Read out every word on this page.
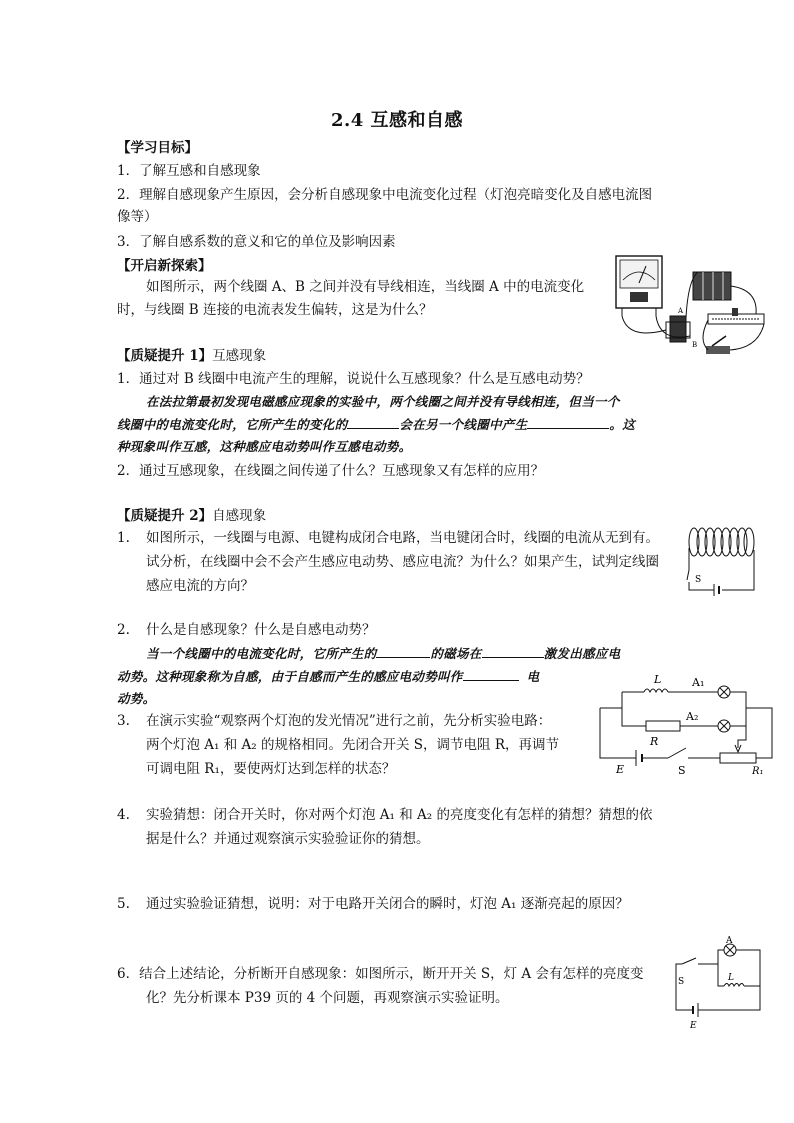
2.4 互感和自感
【学习目标】
1．了解互感和自感现象
2．理解自感现象产生原因，会分析自感现象中电流变化过程（灯泡亮暗变化及自感电流图
像等）
3．了解自感系数的意义和它的单位及影响因素
【开启新探索】
如图所示，两个线圈 A、B 之间并没有导线相连，当线圈 A 中的电流变化
时，与线圈 B 连接的电流表发生偏转，这是为什么？	A
B
【质疑提升 1】互感现象
1．通过对 B 线圈中电流产生的理解，说说什么互感现象？什么是互感电动势？
在法拉第最初发现电磁感应现象的实验中，两个线圈之间并没有导线相连，但当一个
线圈中的电流变化时，它所产生的变化的	会在另一个线圈中产生	。这
种现象叫作互感，这种感应电动势叫作互感电动势。
2．通过互感现象，在线圈之间传递了什么？互感现象又有怎样的应用？
【质疑提升 2】自感现象
1. 如图所示，一线圈与电源、电键构成闭合电路，当电键闭合时，线圈的电流从无到有。
试分析，在线圈中会不会产生感应电动势、感应电流？为什么？如果产生，试判定线圈
感应电流的方向？	S
2. 什么是自感现象？什么是自感电动势？
当一个线圈中的电流变化时，它所产生的	的磁场在	激发出感应电
动势。这种现象称为自感，由于自感而产生的感应电动势叫作	电
动势。
L	A₁
A₂
R
E	S	R₁
3. 在演示实验“观察两个灯泡的发光情况”进行之前，先分析实验电路：
两个灯泡 A₁ 和 A₂ 的规格相同。先闭合开关 S，调节电阻 R，再调节
可调电阻 R₁，要使两灯达到怎样的状态？
4. 实验猜想：闭合开关时，你对两个灯泡 A₁ 和 A₂ 的亮度变化有怎样的猜想？猜想的依
据是什么？并通过观察演示实验验证你的猜想。
5. 通过实验验证猜想，说明：对于电路开关闭合的瞬时，灯泡 A₁ 逐渐亮起的原因？
6．结合上述结论，分析断开自感现象：如图所示，断开开关 S，灯 A 会有怎样的亮度变
化？先分析课本 P39 页的 4 个问题，再观察演示实验证明。
A
S	L
E
